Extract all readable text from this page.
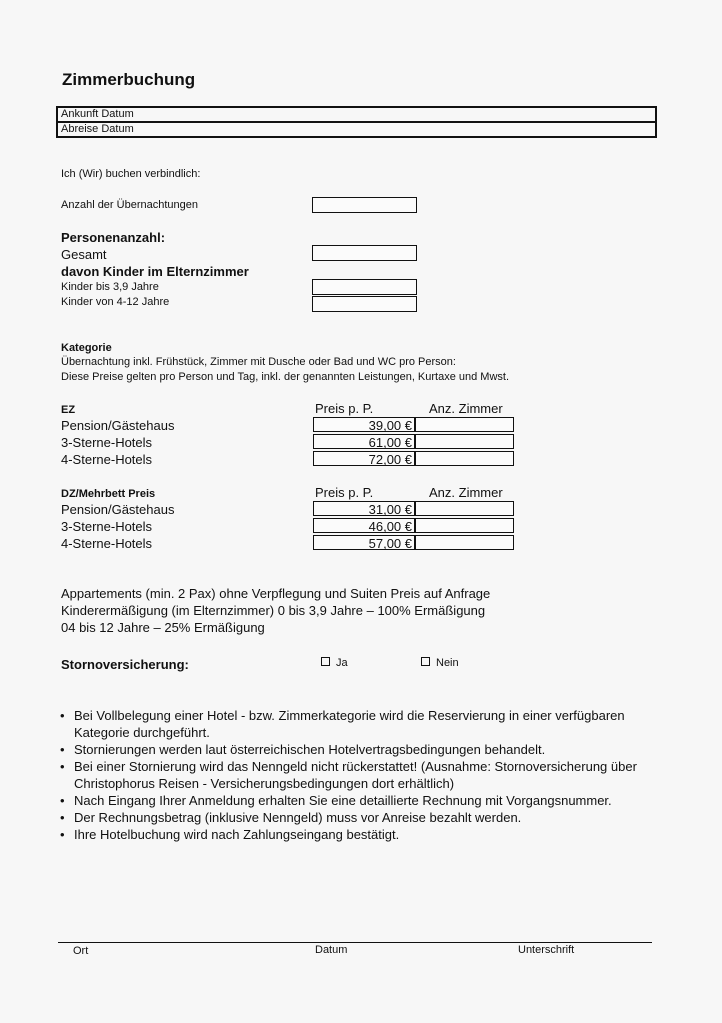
Zimmerbuchung
Ankunft Datum
Abreise Datum
Ich (Wir) buchen verbindlich:
Anzahl der Übernachtungen
Personenanzahl:
Gesamt
davon Kinder im Elternzimmer
Kinder bis 3,9 Jahre
Kinder von 4-12 Jahre
Kategorie
Übernachtung inkl. Frühstück, Zimmer mit Dusche oder Bad und WC pro Person:
Diese Preise gelten pro Person und Tag, inkl. der genannten Leistungen, Kurtaxe und Mwst.
EZ	Preis p. P.	Anz. Zimmer
Pension/Gästehaus	39,00 €
3-Sterne-Hotels	61,00 €
4-Sterne-Hotels	72,00 €
DZ/Mehrbett Preis	Preis p. P.	Anz. Zimmer
Pension/Gästehaus	31,00 €
3-Sterne-Hotels	46,00 €
4-Sterne-Hotels	57,00 €
Appartements (min. 2 Pax) ohne Verpflegung und Suiten Preis auf Anfrage
Kinderermäßigung (im Elternzimmer) 0 bis 3,9 Jahre – 100% Ermäßigung
04 bis 12 Jahre – 25% Ermäßigung
Stornoversicherung:	Ja	Nein
• Bei Vollbelegung einer Hotel - bzw. Zimmerkategorie wird die Reservierung in einer verfügbaren Kategorie durchgeführt.
• Stornierungen werden laut österreichischen Hotelvertragsbedingungen behandelt.
• Bei einer Stornierung wird das Nenngeld nicht rückerstattet! (Ausnahme: Stornoversicherung über Christophorus Reisen - Versicherungsbedingungen dort erhältlich)
• Nach Eingang Ihrer Anmeldung erhalten Sie eine detaillierte Rechnung mit Vorgangsnummer.
• Der Rechnungsbetrag (inklusive Nenngeld) muss vor Anreise bezahlt werden.
• Ihre Hotelbuchung wird nach Zahlungseingang bestätigt.
Ort	Datum	Unterschrift
